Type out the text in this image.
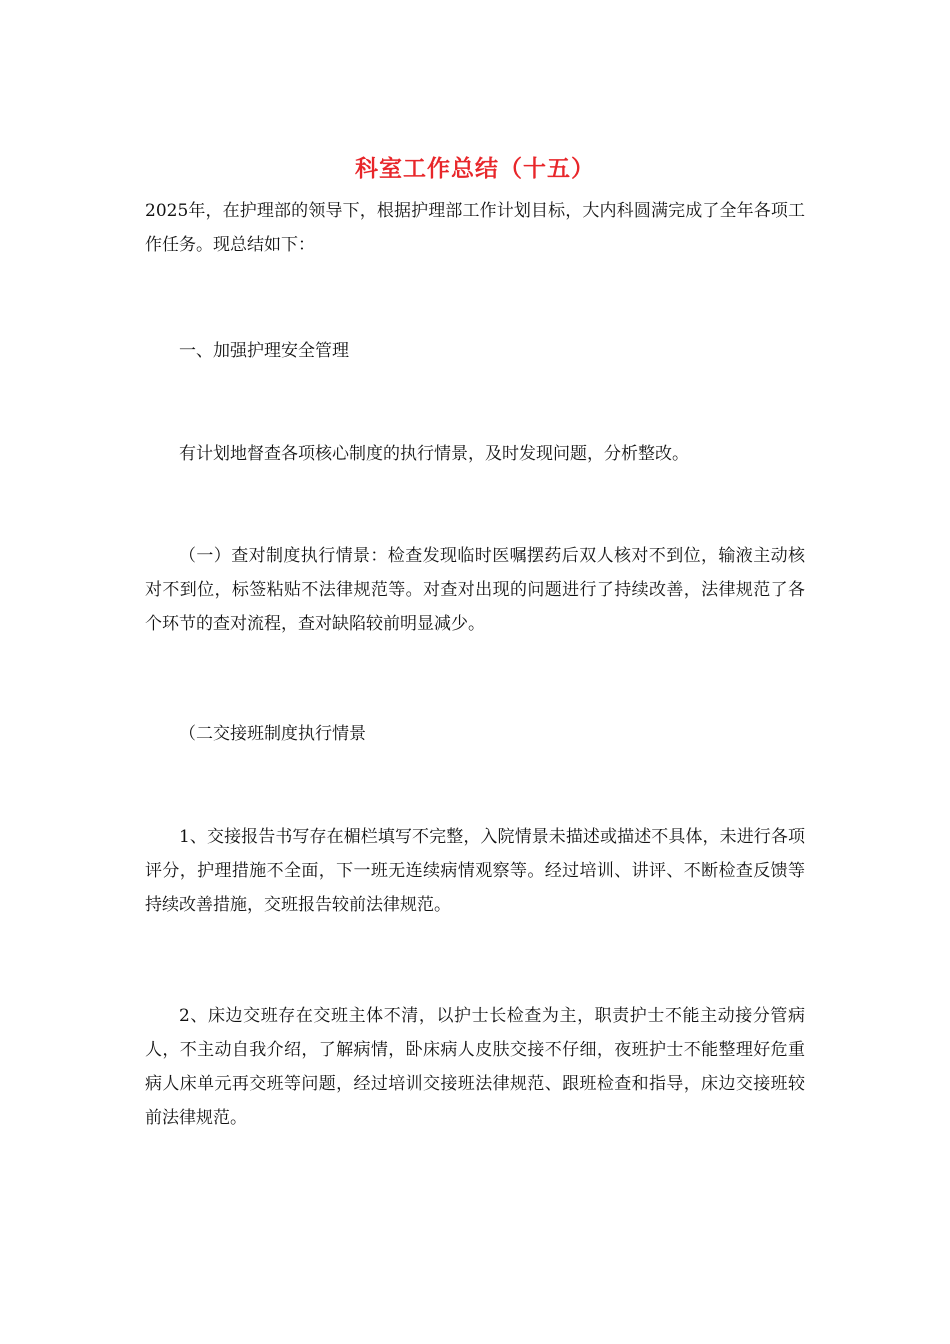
科室工作总结（十五）

2025年，在护理部的领导下，根据护理部工作计划目标，大内科圆满完成了全年各项工作任务。现总结如下：

一、加强护理安全管理

有计划地督查各项核心制度的执行情景，及时发现问题，分析整改。

（一）查对制度执行情景：检查发现临时医嘱摆药后双人核对不到位，输液主动核对不到位，标签粘贴不法律规范等。对查对出现的问题进行了持续改善，法律规范了各个环节的查对流程，查对缺陷较前明显减少。

（二交接班制度执行情景

1、交接报告书写存在楣栏填写不完整，入院情景未描述或描述不具体，未进行各项评分，护理措施不全面，下一班无连续病情观察等。经过培训、讲评、不断检查反馈等持续改善措施，交班报告较前法律规范。

2、床边交班存在交班主体不清，以护士长检查为主，职责护士不能主动接分管病人，不主动自我介绍，了解病情，卧床病人皮肤交接不仔细，夜班护士不能整理好危重病人床单元再交班等问题，经过培训交接班法律规范、跟班检查和指导，床边交接班较前法律规范。
